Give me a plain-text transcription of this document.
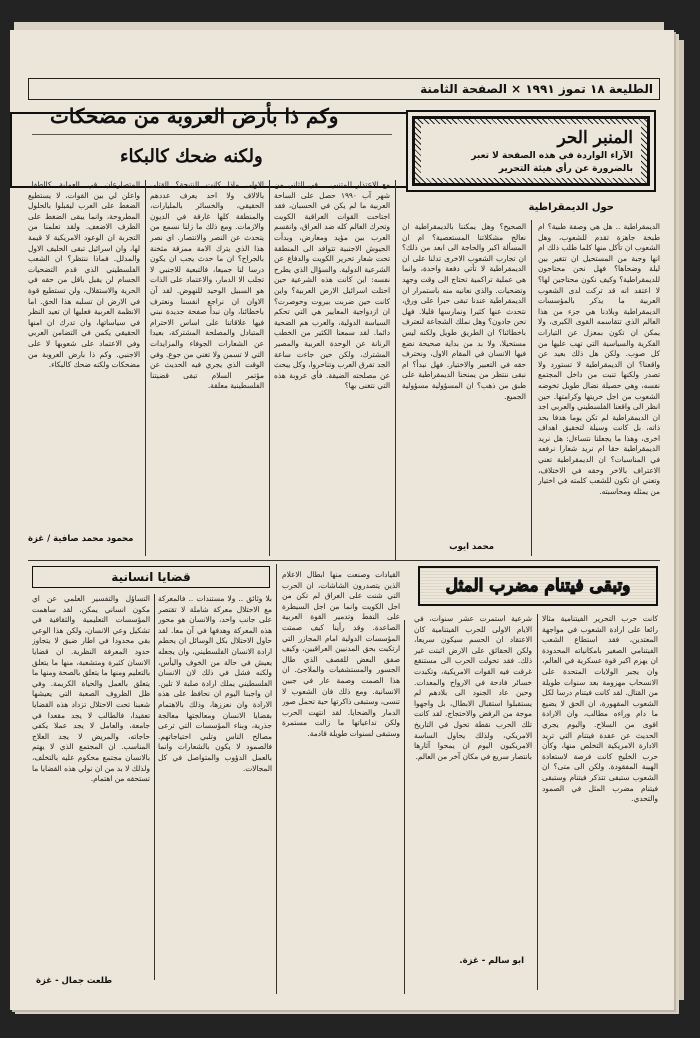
الطليعة ١٨ تموز ١٩٩١ × الصفحة الثامنة
المنبر الحر
الآراء الواردة في هذه الصفحة لا تعبر بالضرورة عن رأي هيئة التحرير
وكم ذا بأرض العروبة من مضحكات
ولكنه ضحك كالبكاء
حول الديمقراطية
الديمقراطية .. هل هي وصفة طبية؟ ام طبخة جاهزة تقدم للشعوب، وهل الشعوب ان تأكل منها كلما طلب ذلك ام انها وجبة من المستحيل ان تتغير بين ليلة وضحاها؟ فهل نحن محتاجون للديمقراطية؟ وكيف نكون محتاجين لها؟ لا اعتقد انه قد تركت لدى الشعوب العربية ما يذكر بالمؤسسات الديمقراطية وبلادنا هي جزء من هذا العالم الذي تتقاسمه القوى الكبرى، ولا يمكن ان تكون بمعزل عن التيارات الفكرية والسياسية التي تهب عليها من كل صوب. ولكن هل ذلك بعيد عن واقعنا؟ ان الديمقراطية لا تستورد ولا تصدر ولكنها تنبت من داخل المجتمع نفسه، وهي حصيلة نضال طويل تخوضه الشعوب من اجل حريتها وكرامتها. حين انظر الى واقعنا الفلسطيني والعربي اجد ان الديمقراطية لم تكن يوما هدفا بحد ذاته، بل كانت وسيلة لتحقيق اهداف اخرى، وهذا ما يجعلنا نتساءل: هل نريد الديمقراطية حقا ام نريد شعارا نرفعه في المناسبات؟ ان الديمقراطية تعني الاعتراف بالاخر وحقه في الاختلاف، وتعني ان تكون للشعب كلمته في اختيار من يمثله ومحاسبته.
الصحيح؟ وهل يمكننا بالديمقراطية ان نعالج مشكلاتنا المستعصية؟ ام ان المسألة اكبر والحاجة الى ابعد من ذلك؟ ان تجارب الشعوب الاخرى تدلنا على ان الديمقراطية لا تأتي دفعة واحدة، وانما هي عملية تراكمية تحتاج الى وقت وجهد وتضحيات. والذي نعانيه منه باستمرار ان الديمقراطية عندنا تبقى حبرا على ورق، نتحدث عنها كثيرا ونمارسها قليلا. فهل نحن جادون؟ وهل نملك الشجاعة لنعترف باخطائنا؟ ان الطريق طويل ولكنه ليس مستحيلا، ولا بد من بداية صحيحة نضع فيها الانسان في المقام الاول، ونحترف حقه في التعبير والاختيار. فهل نبدأ؟ ام نبقى ننتظر من يمنحنا الديمقراطية على طبق من ذهب؟ ان المسؤولية مسؤولية الجميع.
محمد ايوب
مع الاعتذار للمتنبي .. في الثاني من شهر آب ١٩٩٠ حصل على الساحة العربية ما لم يكن في الحسبان، فقد اجتاحت القوات العراقية الكويت وتحرك العالم كله ضد العراق، وانقسم العرب بين مؤيد ومعارض، وبدأت الجيوش الاجنبية تتوافد الى المنطقة تحت شعار تحرير الكويت والدفاع عن الشرعية الدولية. والسؤال الذي يطرح نفسه: اين كانت هذه الشرعية حين احتلت اسرائيل الارض العربية؟ واين كانت حين ضربت بيروت وحوصرت؟ ان ازدواجية المعايير هي التي تحكم السياسة الدولية، والعرب هم الضحية دائما. لقد سمعنا الكثير من الخطب الرنانة عن الوحدة العربية والمصير المشترك، ولكن حين جاءت ساعة الجد تفرق العرب وتناحروا، وكل يبحث عن مصلحته الضيقة. فأي عروبة هذه التي نتغنى بها؟
الاولى ماذا كانت النتيجة؟ القتلى بالالاف ولا احد يعرف عددهم الحقيقي، والخسائر بالمليارات، والمنطقة كلها غارقة في الديون والازمات. ومع ذلك ما زلنا نسمع من يتحدث عن النصر والانتصار. اي نصر هذا الذي يترك الامة ممزقة مثخنة بالجراح؟ ان ما حدث يجب ان يكون درسا لنا جميعا، فالتبعية للاجنبي لا تجلب الا الدمار، والاعتماد على الذات هو السبيل الوحيد للنهوض. لقد آن الاوان ان نراجع انفسنا ونعترف باخطائنا، وان نبدأ صفحة جديدة نبني فيها علاقاتنا على اساس الاحترام المتبادل والمصلحة المشتركة، بعيدا عن الشعارات الجوفاء والمزايدات التي لا تسمن ولا تغني من جوع. وفي الوقت الذي يجري فيه الحديث عن مؤتمر السلام تبقى قضيتنا الفلسطينية معلقة.
المتصارعان في العملية كالطفل واعلن لي بين القوات، لا يستطيع الضغط على العرب ليقبلوا بالحلول المطروحة، وانما يبقى الضغط على الطرف الاضعف. ولقد تعلمنا من التجربة ان الوعود الامريكية لا قيمة لها، وان اسرائيل تبقى الحليف الاول والمدلل. فماذا ننتظر؟ ان الشعب الفلسطيني الذي قدم التضحيات الجسام لن يقبل باقل من حقه في الحرية والاستقلال، ولن تستطيع قوة في الارض ان تسلبه هذا الحق. اما الانظمة العربية فعليها ان تعيد النظر في سياساتها، وان تدرك ان امنها الحقيقي يكمن في التضامن العربي وفي الاعتماد على شعوبها لا على الاجنبي. وكم ذا بارض العروبة من مضحكات ولكنه ضحك كالبكاء.
محمود محمد صافية / غزة
قضايا انسانية
التساؤل والتفسير العلمي عن اي مكون انساني يمكن، لقد ساهمت المؤسسات التعليمية والثقافية في تشكيل وعي الانسان، ولكن هذا الوعي بقي محدودا في اطار ضيق لا يتجاوز حدود المعرفة النظرية. ان قضايا الانسان كثيرة ومتشعبة، منها ما يتعلق بالتعليم ومنها ما يتعلق بالصحة ومنها ما يتعلق بالعمل والحياة الكريمة. وفي ظل الظروف الصعبة التي يعيشها شعبنا تحت الاحتلال تزداد هذه القضايا تعقيدا، فالطالب لا يجد مقعدا في جامعة، والعامل لا يجد عملا يكفي حاجاته، والمريض لا يجد العلاج المناسب. ان المجتمع الذي لا يهتم بالانسان مجتمع محكوم عليه بالتخلف، ولذلك لا بد من ان نولي هذه القضايا ما تستحقه من اهتمام.
بلا وثائق .. ولا مستندات .. فالمعركة مع الاحتلال معركة شاملة لا تقتصر على جانب واحد، والانسان هو محور هذه المعركة وهدفها في آن معا. لقد حاول الاحتلال بكل الوسائل ان يحطم ارادة الانسان الفلسطيني، وان يجعله يعيش في حالة من الخوف واليأس، ولكنه فشل في ذلك لان الانسان الفلسطيني يملك ارادة صلبة لا تلين. ان واجبنا اليوم ان نحافظ على هذه الارادة وان نعززها، وذلك بالاهتمام بقضايا الانسان ومعالجتها معالجة جذرية، وبناء المؤسسات التي ترعى مصالح الناس وتلبي احتياجاتهم. فالصمود لا يكون بالشعارات وانما بالعمل الدؤوب والمتواصل في كل المجالات.
طلعت جمال - غزة
القيادات وصنعت منها ابطال الاعلام الذين يتصدرون الشاشات، ان الحرب التي شنت على العراق لم تكن من اجل الكويت وانما من اجل السيطرة على النفط وتدمير القوة العربية الصاعدة. وقد رأينا كيف صمتت المؤسسات الدولية امام المجازر التي ارتكبت بحق المدنيين العراقيين، وكيف صفق البعض للقصف الذي طال الجسور والمستشفيات والملاجئ. ان هذا الصمت وصمة عار في جبين الانسانية. ومع ذلك فان الشعوب لا تنسى، وستبقى ذاكرتها حية تحمل صور الدمار والضحايا. لقد انتهت الحرب ولكن تداعياتها ما زالت مستمرة وستبقى لسنوات طويلة قادمة.
وتبقى فيتنام مضرب المثل
كانت حرب التحرير الفيتنامية مثالا رائعا على ارادة الشعوب في مواجهة المعتدين، فقد استطاع الشعب الفيتنامي الصغير بامكانياته المحدودة ان يهزم اكبر قوة عسكرية في العالم، وان يجبر الولايات المتحدة على الانسحاب مهزومة بعد سنوات طويلة من القتال. لقد كانت فيتنام درسا لكل الشعوب المقهورة، ان الحق لا يضيع ما دام وراءه مطالب، وان الارادة اقوى من السلاح. واليوم يجري الحديث عن عقدة فيتنام التي تريد الادارة الامريكية التخلص منها، وكأن حرب الخليج كانت فرصة لاستعادة الهيبة المفقودة. ولكن الى متى؟ ان الشعوب ستبقى تتذكر فيتنام وستبقى فيتنام مضرب المثل في الصمود والتحدي.
شرعية استمرت عشر سنوات، في الايام الاولى للحرب الفيتنامية كان الاعتقاد ان الحسم سيكون سريعا، ولكن الحقائق على الارض اثبتت غير ذلك. فقد تحولت الحرب الى مستنقع غرقت فيه القوات الامريكية، وتكبدت خسائر فادحة في الارواح والمعدات. وحين عاد الجنود الى بلادهم لم يستقبلوا استقبال الابطال، بل واجهوا موجة من الرفض والاحتجاج. لقد كانت تلك الحرب نقطة تحول في التاريخ الامريكي، ولذلك يحاول الساسة الامريكيون اليوم ان يمحوا آثارها بانتصار سريع في مكان آخر من العالم.
ابو سالم - غزة.
